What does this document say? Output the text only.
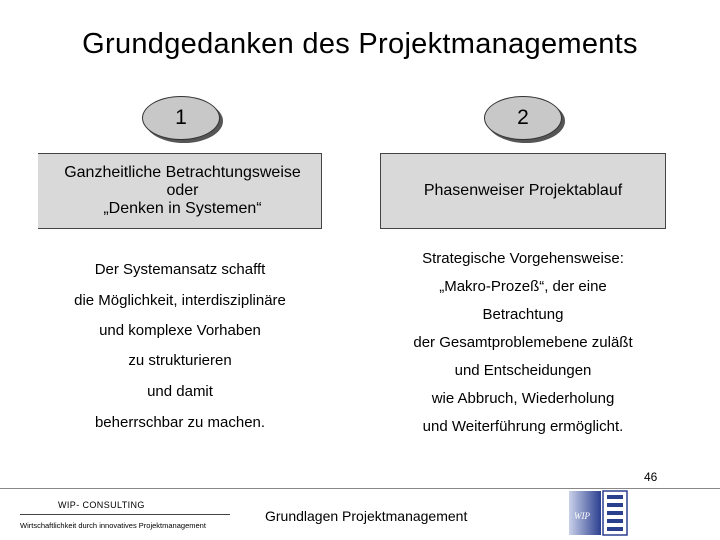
Grundgedanken des Projektmanagements
1	2
Ganzheitliche Betrachtungsweise
oder
„Denken in Systemen“
Phasenweiser Projektablauf
Der Systemansatz schafft
die Möglichkeit, interdisziplinäre
und komplexe Vorhaben
zu strukturieren
und damit
beherrschbar zu machen.
Strategische Vorgehensweise:
„Makro-Prozeß“, der eine
Betrachtung
der Gesamtproblemebene zuläßt
und Entscheidungen
wie Abbruch, Wiederholung
und Weiterführung ermöglicht.
WIP- CONSULTING
Wirtschaftlichkeit durch innovatives Projektmanagement
Grundlagen Projektmanagement
46
WIP
